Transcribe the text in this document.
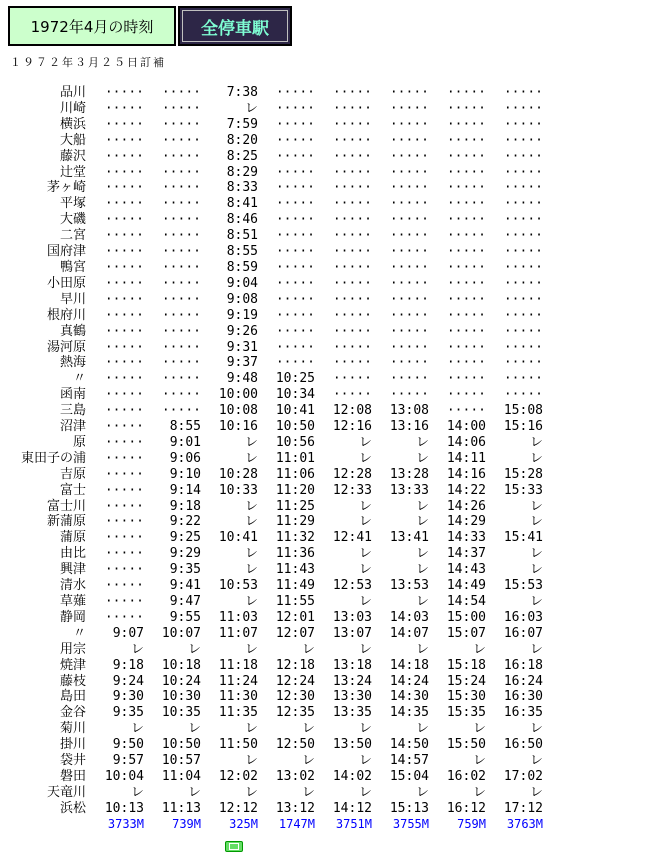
1972年4月の時刻	全停車駅
１９７２年３月２５日訂補
品川	·····	·····	7:38	·····	·····	·····	·····	·····
川崎	·····	·····	レ	·····	·····	·····	·····	·····
横浜	·····	·····	7:59	·····	·····	·····	·····	·····
大船	·····	·····	8:20	·····	·····	·····	·····	·····
藤沢	·····	·····	8:25	·····	·····	·····	·····	·····
辻堂	·····	·····	8:29	·····	·····	·····	·····	·····
茅ヶ崎	·····	·····	8:33	·····	·····	·····	·····	·····
平塚	·····	·····	8:41	·····	·····	·····	·····	·····
大磯	·····	·····	8:46	·····	·····	·····	·····	·····
二宮	·····	·····	8:51	·····	·····	·····	·····	·····
国府津	·····	·····	8:55	·····	·····	·····	·····	·····
鴨宮	·····	·····	8:59	·····	·····	·····	·····	·····
小田原	·····	·····	9:04	·····	·····	·····	·····	·····
早川	·····	·····	9:08	·····	·····	·····	·····	·····
根府川	·····	·····	9:19	·····	·····	·····	·····	·····
真鶴	·····	·····	9:26	·····	·····	·····	·····	·····
湯河原	·····	·····	9:31	·····	·····	·····	·····	·····
熱海	·····	·····	9:37	·····	·····	·····	·····	·····
〃	·····	·····	9:48	10:25	·····	·····	·····	·····
函南	·····	·····	10:00	10:34	·····	·····	·····	·····
三島	·····	·····	10:08	10:41	12:08	13:08	·····	15:08
沼津	·····	8:55	10:16	10:50	12:16	13:16	14:00	15:16
原	·····	9:01	レ	10:56	レ	レ	14:06	レ
東田子の浦	·····	9:06	レ	11:01	レ	レ	14:11	レ
吉原	·····	9:10	10:28	11:06	12:28	13:28	14:16	15:28
富士	·····	9:14	10:33	11:20	12:33	13:33	14:22	15:33
富士川	·····	9:18	レ	11:25	レ	レ	14:26	レ
新蒲原	·····	9:22	レ	11:29	レ	レ	14:29	レ
蒲原	·····	9:25	10:41	11:32	12:41	13:41	14:33	15:41
由比	·····	9:29	レ	11:36	レ	レ	14:37	レ
興津	·····	9:35	レ	11:43	レ	レ	14:43	レ
清水	·····	9:41	10:53	11:49	12:53	13:53	14:49	15:53
草薙	·····	9:47	レ	11:55	レ	レ	14:54	レ
静岡	·····	9:55	11:03	12:01	13:03	14:03	15:00	16:03
〃	9:07	10:07	11:07	12:07	13:07	14:07	15:07	16:07
用宗	レ	レ	レ	レ	レ	レ	レ	レ
焼津	9:18	10:18	11:18	12:18	13:18	14:18	15:18	16:18
藤枝	9:24	10:24	11:24	12:24	13:24	14:24	15:24	16:24
島田	9:30	10:30	11:30	12:30	13:30	14:30	15:30	16:30
金谷	9:35	10:35	11:35	12:35	13:35	14:35	15:35	16:35
菊川	レ	レ	レ	レ	レ	レ	レ	レ
掛川	9:50	10:50	11:50	12:50	13:50	14:50	15:50	16:50
袋井	9:57	10:57	レ	レ	レ	14:57	レ	レ
磐田	10:04	11:04	12:02	13:02	14:02	15:04	16:02	17:02
天竜川	レ	レ	レ	レ	レ	レ	レ	レ
浜松	10:13	11:13	12:12	13:12	14:12	15:13	16:12	17:12
	3733M	739M	325M	1747M	3751M	3755M	759M	3763M
